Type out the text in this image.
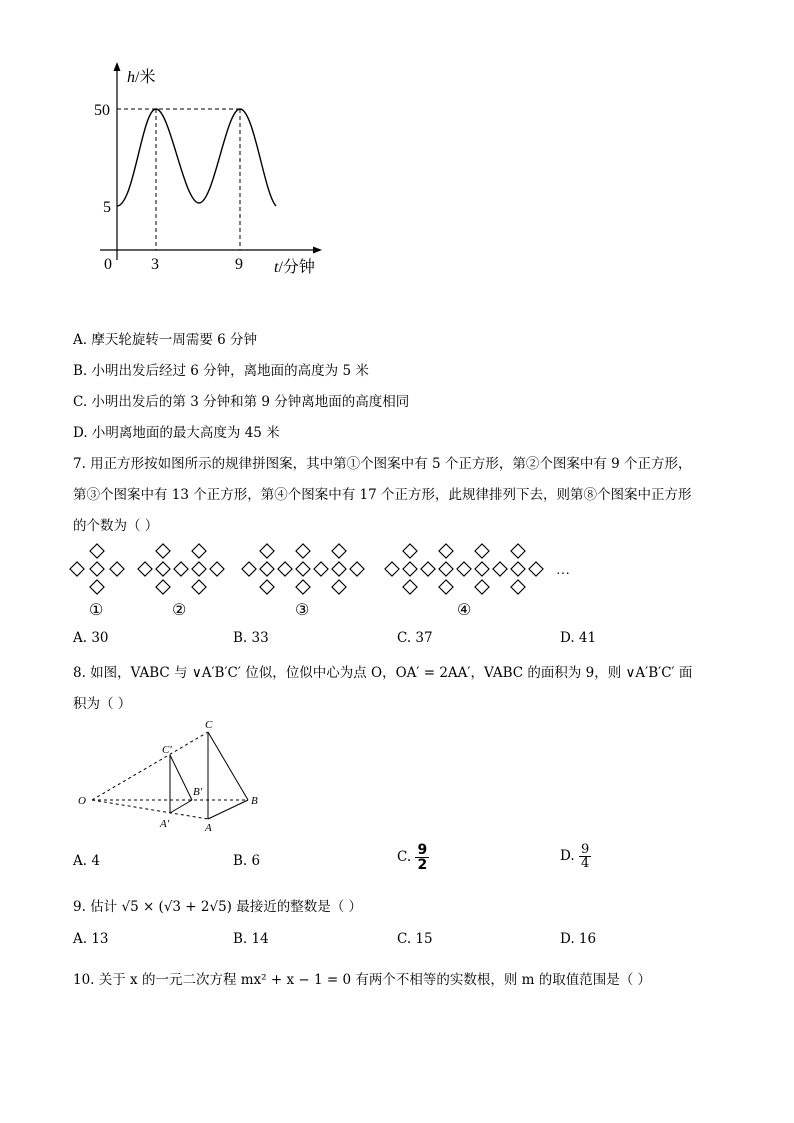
h/米
50
5
0 3	9 t/分钟
A. 摩天轮旋转一周需要 6 分钟
B. 小明出发后经过 6 分钟，离地面的高度为 5 米
C. 小明出发后的第 3 分钟和第 9 分钟离地面的高度相同
D. 小明离地面的最大高度为 45 米
7. 用正方形按如图所示的规律拼图案，其中第①个图案中有 5 个正方形，第②个图案中有 9 个正方形，
第③个图案中有 13 个正方形，第④个图案中有 17 个正方形，此规律排列下去，则第⑧个图案中正方形
的个数为（ ）
…
①	②	③	④
A. 30	B. 33	C. 37	D. 41
8. 如图，VABC 与 ∨A′B′C′ 位似，位似中心为点 O，OA′ = 2AA′，VABC 的面积为 9，则 ∨A′B′C′ 面
积为（ ）
O
C
B
A
C′
B′
A′
A. 4	B. 6	C. $\frac{9}{2}$	D. $\frac{9}{4}$
9. 估计 √5 × (√3 + 2√5) 最接近的整数是（ ）
A. 13	B. 14	C. 15	D. 16
10. 关于 x 的一元二次方程 mx² + x − 1 = 0 有两个不相等的实数根，则 m 的取值范围是（ ）
